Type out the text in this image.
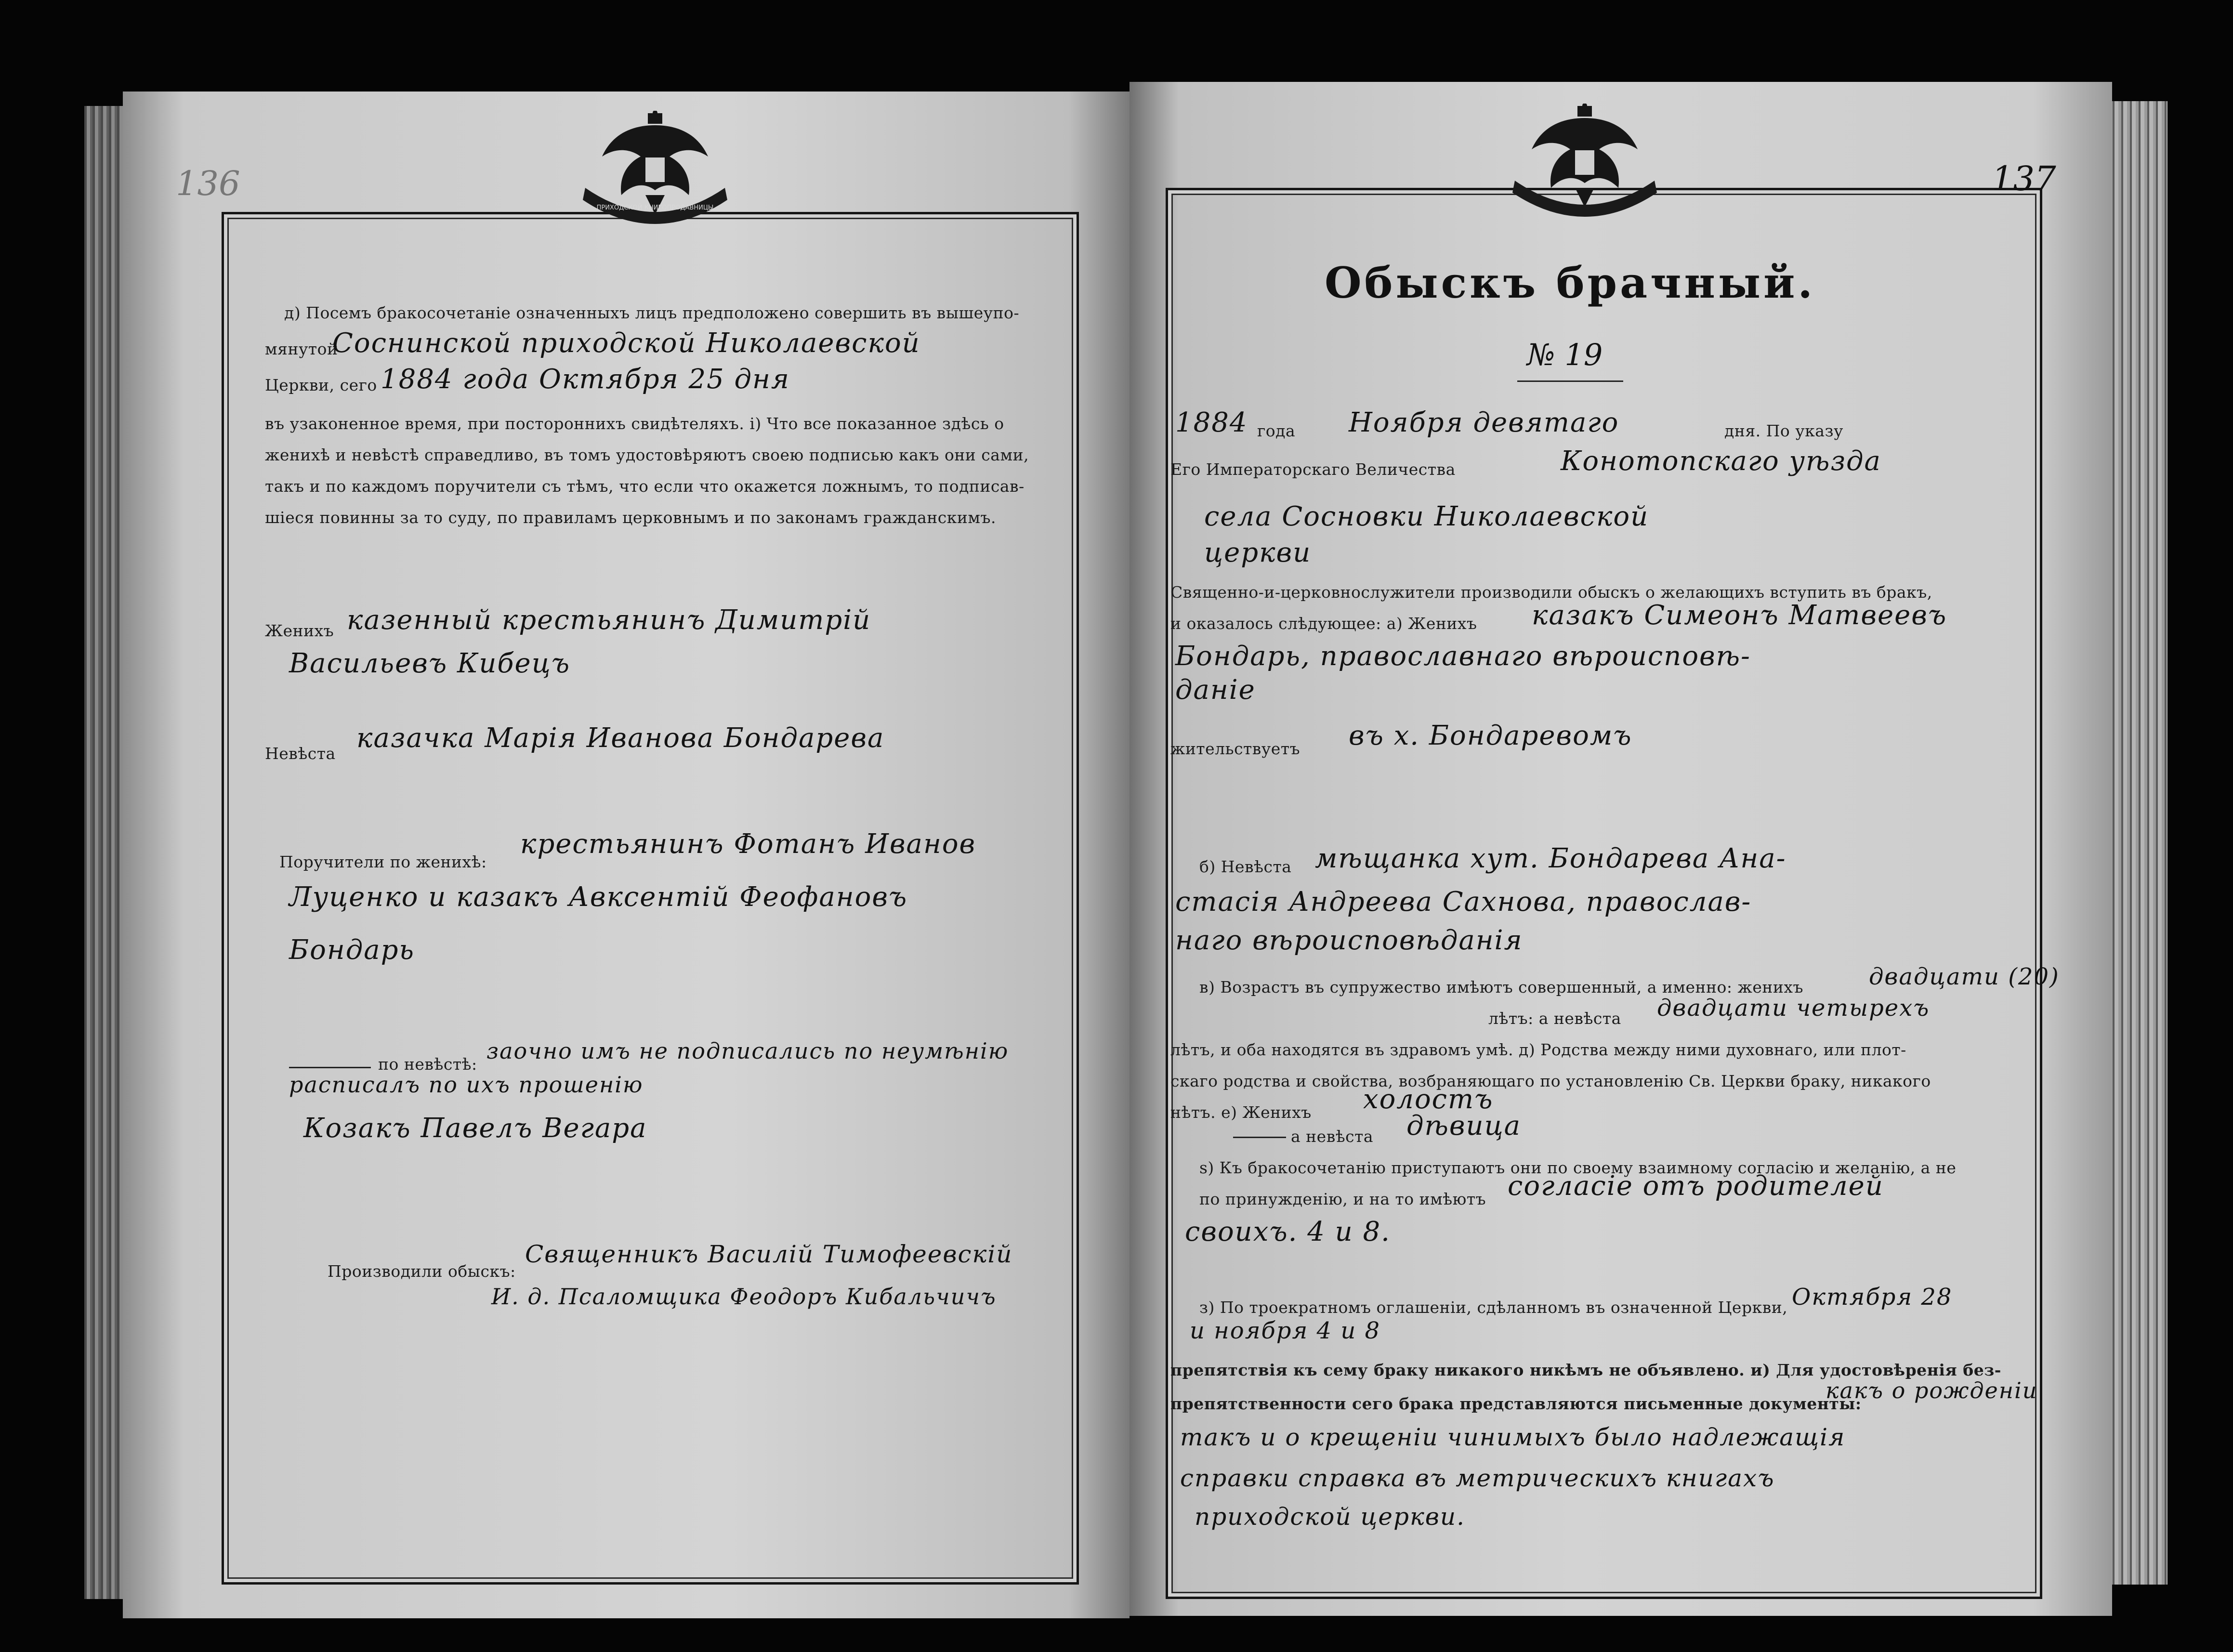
ПРИХОДСКОЙ КНИГОПРОДАВНИЦЫ
136	137
д) Посемъ бракосочетаніе означенныхъ лицъ предположено совершить въ вышеупо-
мянутой
Соснинской приходской Николаевской
Церкви, сего 1884 года Октября 25 дня
въ узаконенное время, при постороннихъ свидѣтеляхъ. і) Что все показанное здѣсь о
женихѣ и невѣстѣ справедливо, въ томъ удостовѣряютъ своею подписью какъ они сами,
такъ и по каждомъ поручители съ тѣмъ, что если что окажется ложнымъ, то подписав-
шіеся повинны за то суду, по правиламъ церковнымъ и по законамъ гражданскимъ.
Женихъ казенный крестьянинъ Димитрій
Васильевъ Кибецъ
Невѣста казачка Марія Иванова Бондарева
Поручители по женихѣ:
крестьянинъ Фотанъ Иванов
Луценко и казакъ Авксентій Феофановъ
Бондарь
по невѣстѣ:
заочно имъ не подписались по неумѣнію
расписалъ по ихъ прошенію
Козакъ Павелъ Вегара
Производили обыскъ:
Священникъ Василій Тимофеевскій
И. д. Псаломщика Феодоръ Кибальчичъ
Обыскъ брачный.
№ 19
1884 года Ноября девятаго	дня. По указу
Его Императорскаго Величества	Конотопскаго уѣзда
села Сосновки Николаевской
церкви
Священно-и-церковнослужители производили обыскъ о желающихъ вступить въ бракъ,
и оказалось слѣдующее: а) Женихъ казакъ Симеонъ Матвеевъ
Бондарь, православнаго вѣроисповѣ-
даніе
жительствуетъ въ х. Бондаревомъ
б) Невѣста мѣщанка хут. Бондарева Ана-
стасія Андреева Сахнова, православ-
наго вѣроисповѣданія
в) Возрастъ въ супружество имѣютъ совершенный, а именно: женихъ	двадцати (20)
лѣтъ: а невѣста двадцати четырехъ
лѣтъ, и оба находятся въ здравомъ умѣ. д) Родства между ними духовнаго, или плот-
скаго родства и свойства, возбраняющаго по установленію Св. Церкви браку, никакого
нѣтъ. е) Женихъ холостъ
а невѣста дѣвица
ѕ) Къ бракосочетанію приступаютъ они по своему взаимному согласію и желанію, а не
по принужденію, и на то имѣютъ согласіе отъ родителей
своихъ. 4 и 8.
з) По троекратномъ оглашеніи, сдѣланномъ въ означенной Церкви, Октября 28
и ноября 4 и 8
препятствія къ сему браку никакого никѣмъ не объявлено. и) Для удостовѣренія без-
препятственности сего брака представляются письменные документы:
какъ о рожденіи
такъ и о крещеніи чинимыхъ было надлежащія
справки справка въ метрическихъ книгахъ
приходской церкви.
